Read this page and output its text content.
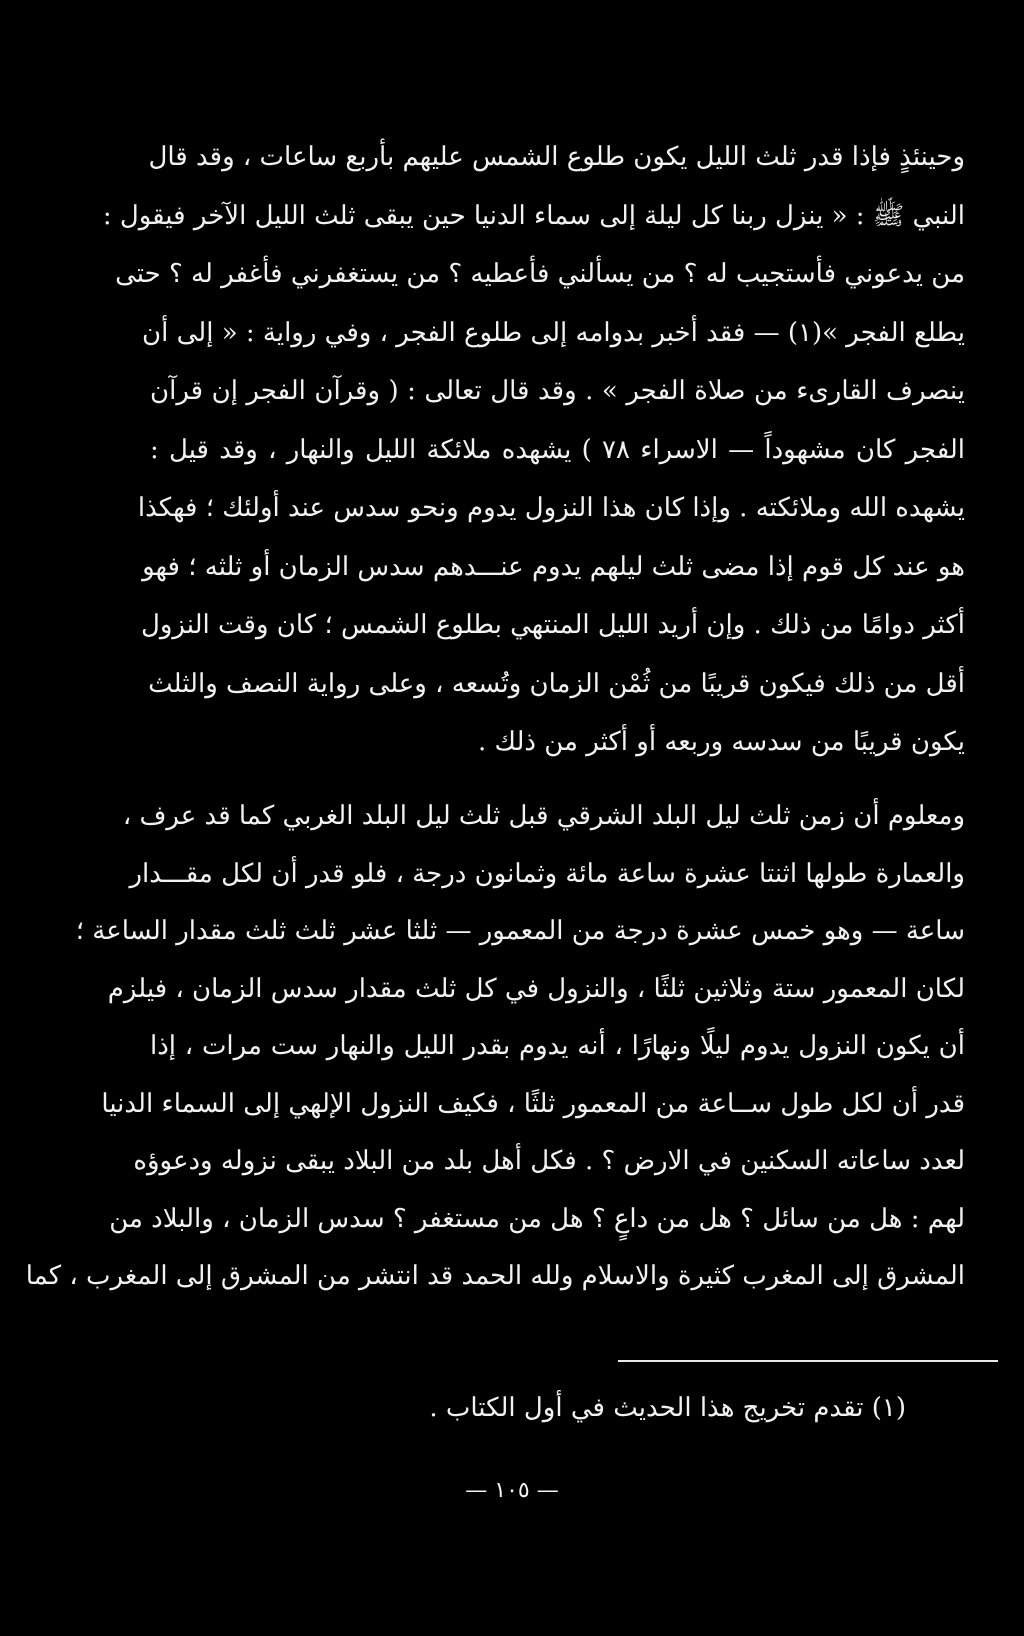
وحينئذٍ فإذا قدر ثلث الليل يكون طلوع الشمس عليهم بأربع ساعات ، وقد قال
النبي ﷺ : « ينزل ربنا كل ليلة إلى سماء الدنيا حين يبقى ثلث الليل الآخر فيقول :
من يدعوني فأستجيب له ؟ من يسألني فأعطيه ؟ من يستغفرني فأغفر له ؟ حتى
يطلع الفجر »(١) — فقد أخبر بدوامه إلى طلوع الفجر ، وفي رواية : « إلى أن
ينصرف القارىء من صلاة الفجر » . وقد قال تعالى : ( وقرآن الفجر إن قرآن
الفجر كان مشهوداً — الاسراء ٧٨ ) يشهده ملائكة الليل والنهار ، وقد قيل :
يشهده الله وملائكته . وإذا كان هذا النزول يدوم ونحو سدس عند أولئك ؛ فهكذا
هو عند كل قوم إذا مضى ثلث ليلهم يدوم عنـــدهم سدس الزمان أو ثلثه ؛ فهو
أكثر دوامًا من ذلك . وإن أريد الليل المنتهي بطلوع الشمس ؛ كان وقت النزول
أقل من ذلك فيكون قريبًا من ثُمْن الزمان وتُسعه ، وعلى رواية النصف والثلث
يكون قريبًا من سدسه وربعه أو أكثر من ذلك .
ومعلوم أن زمن ثلث ليل البلد الشرقي قبل ثلث ليل البلد الغربي كما قد عرف ،
والعمارة طولها اثنتا عشرة ساعة مائة وثمانون درجة ، فلو قدر أن لكل مقـــدار
ساعة — وهو خمس عشرة درجة من المعمور — ثلثا عشر ثلث ثلث مقدار الساعة ؛
لكان المعمور ستة وثلاثين ثلثًا ، والنزول في كل ثلث مقدار سدس الزمان ، فيلزم
أن يكون النزول يدوم ليلًا ونهارًا ، أنه يدوم بقدر الليل والنهار ست مرات ، إذا
قدر أن لكل طول ســاعة من المعمور ثلثًا ، فكيف النزول الإلهي إلى السماء الدنيا
لعدد ساعاته السكنين في الارض ؟ . فكل أهل بلد من البلاد يبقى نزوله ودعوؤه
لهم : هل من سائل ؟ هل من داعٍ ؟ هل من مستغفر ؟ سدس الزمان ، والبلاد من
المشرق إلى المغرب كثيرة والاسلام ولله الحمد قد انتشر من المشرق إلى المغرب ، كما
(١) تقدم تخريج هذا الحديث في أول الكتاب .
— ١٠٥ —
